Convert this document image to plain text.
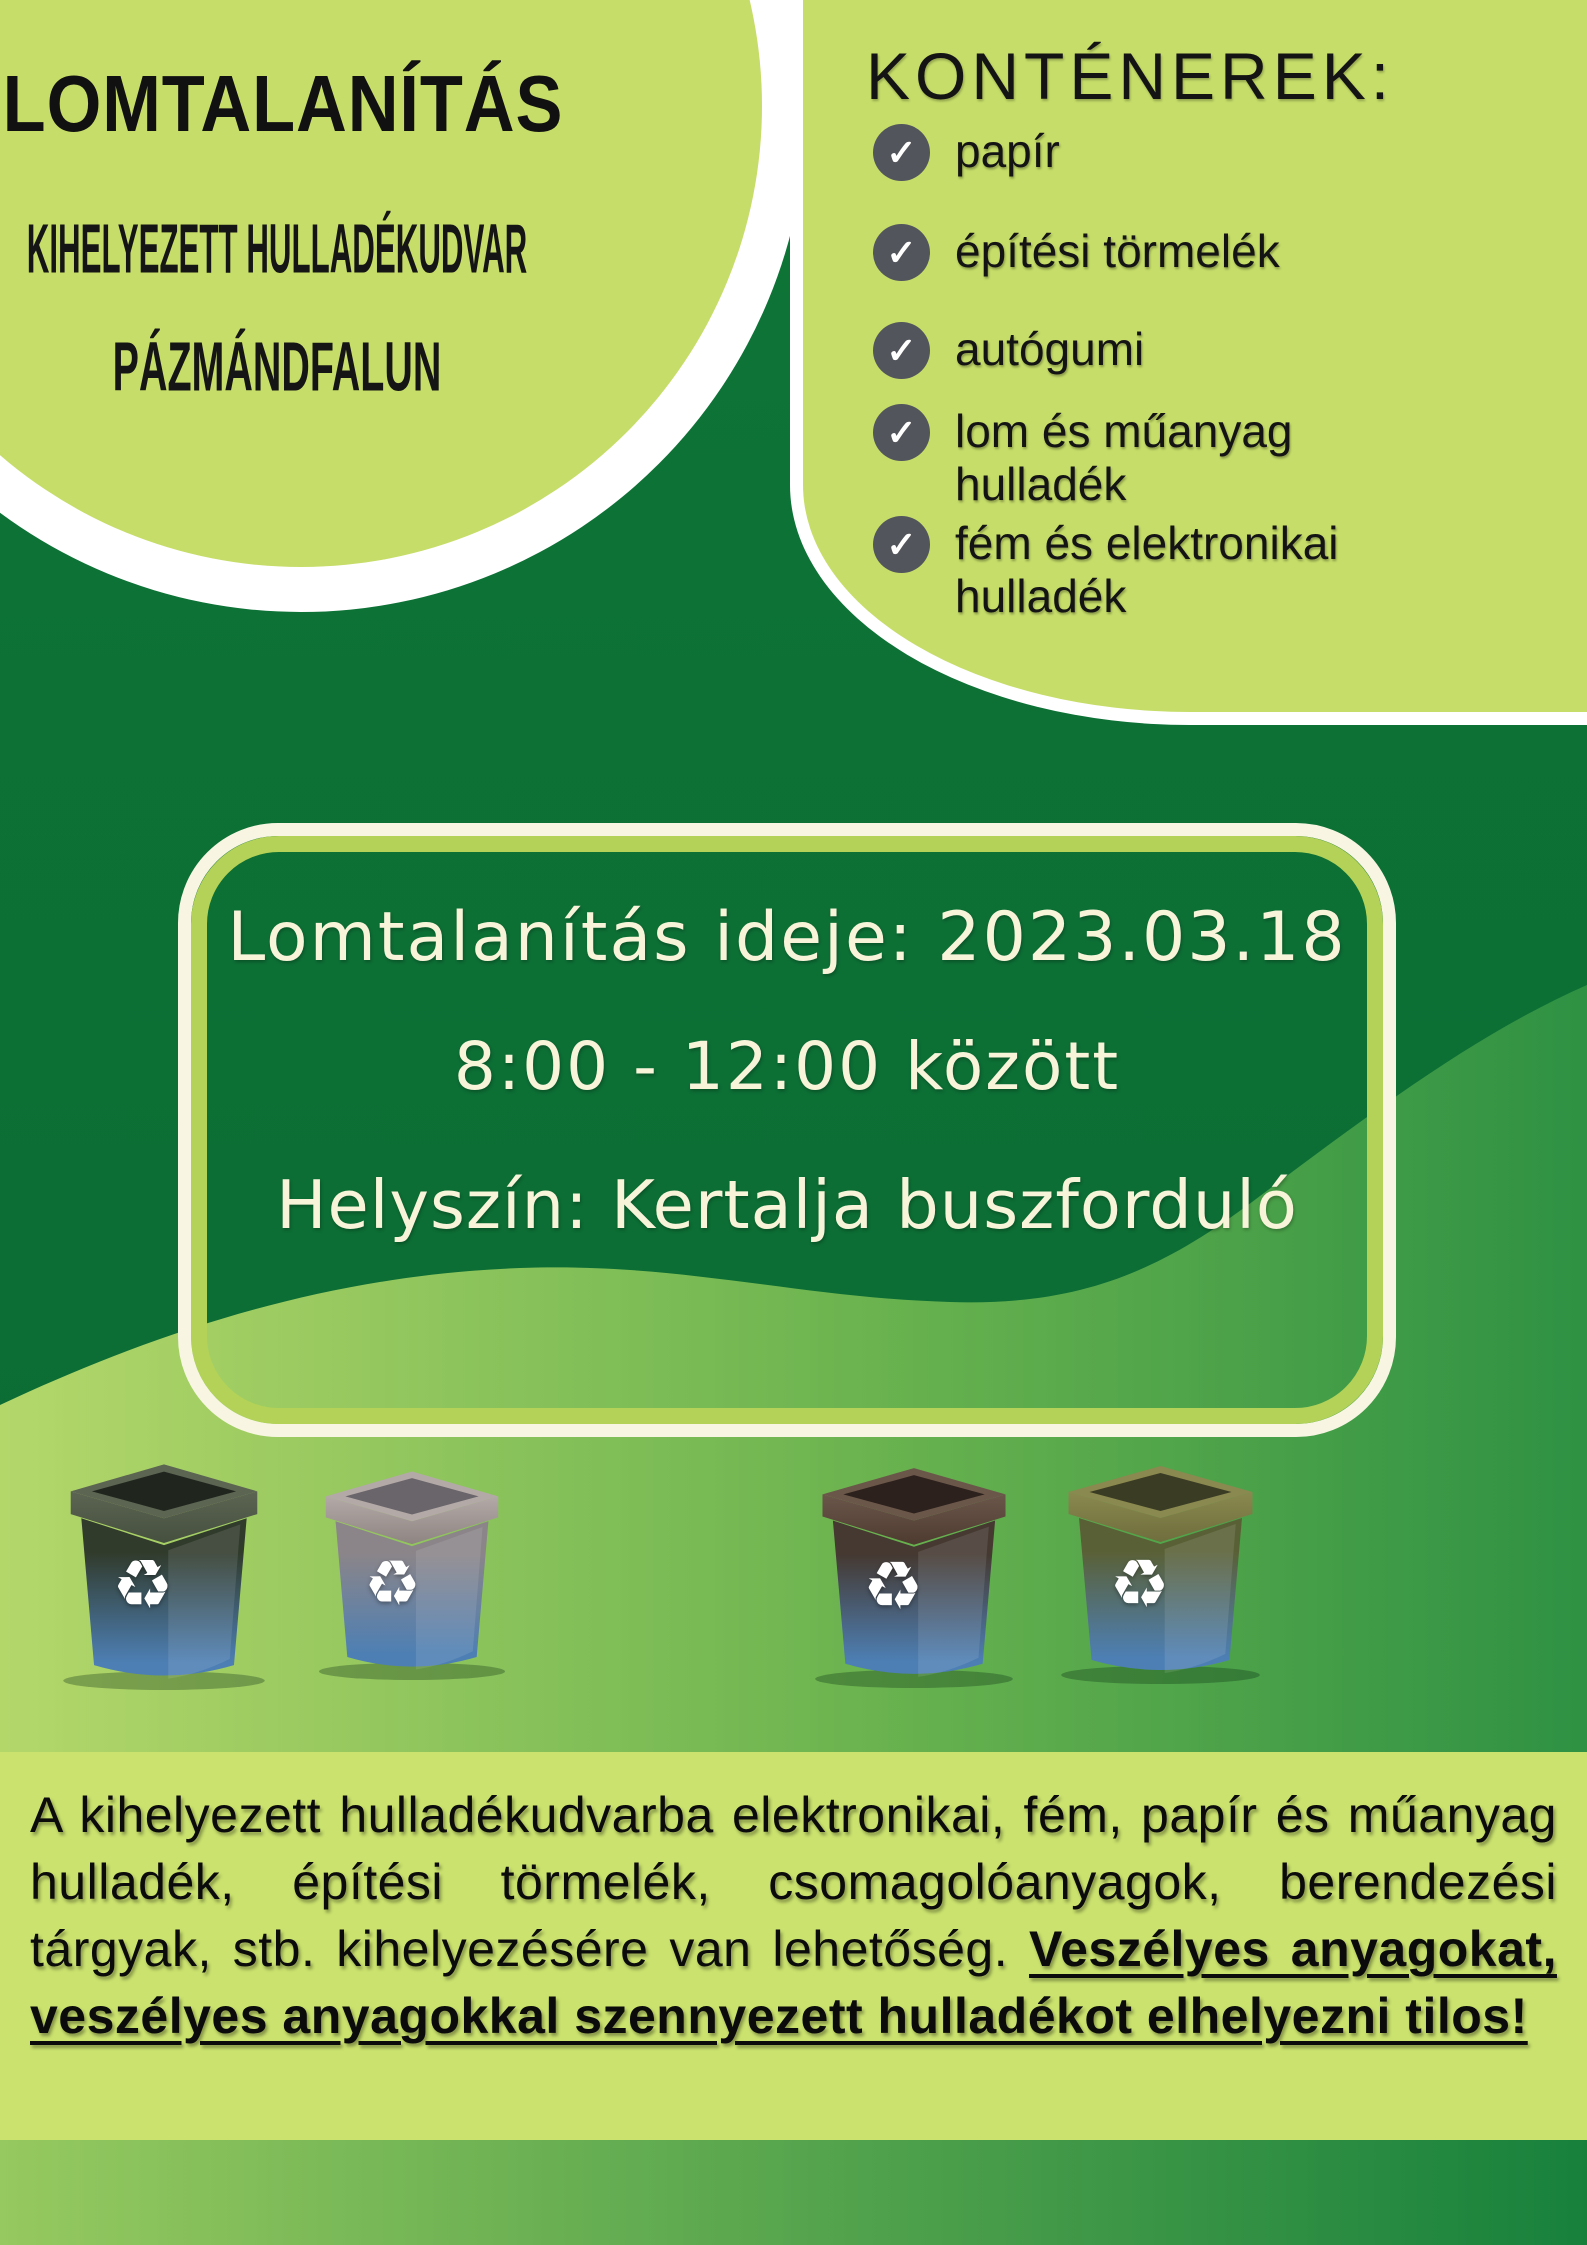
Lomtalanítás ideje: 2023.03.18
8:00 - 12:00 között
Helyszín: Kertalja buszforduló
♻	♻	♻	♻

A kihelyezett hulladékudvarba elektronikai, fém, papír és műanyag hulladék, építési törmelék, csomagolóanyagok, berendezési tárgyak, stb. kihelyezésére van lehetőség. Veszélyes anyagokat, veszélyes anyagokkal szennyezett hulladékot elhelyezni tilos!

LOMTALANÍTÁS
KIHELYEZETT HULLADÉKUDVAR
PÁZMÁNDFALUN
KONTÉNEREK:
✓ papír
✓ építési törmelék
✓ autógumi
✓ lom és műanyag hulladék
✓ fém és elektronikai hulladék
